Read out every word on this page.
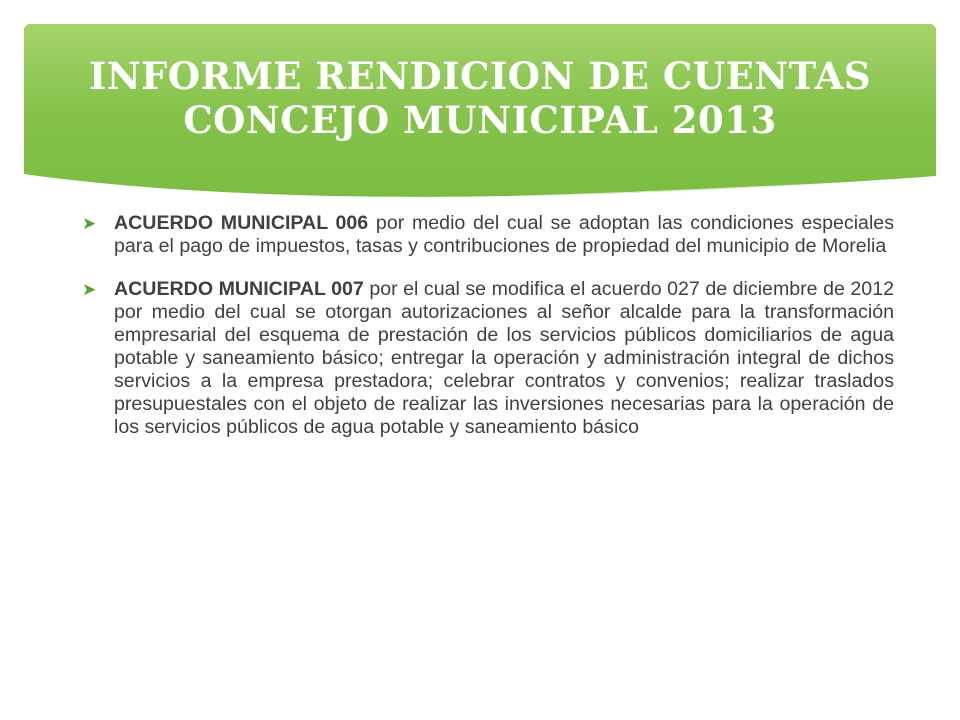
INFORME RENDICION DE CUENTAS
CONCEJO MUNICIPAL 2013
➤ ACUERDO MUNICIPAL 006 por medio del cual se adoptan las condiciones especiales para el pago de impuestos, tasas y contribuciones de propiedad del municipio de Morelia
➤ ACUERDO MUNICIPAL 007 por el cual se modifica el acuerdo 027 de diciembre de 2012 por medio del cual se otorgan autorizaciones al señor alcalde para la transformación empresarial del esquema de prestación de los servicios públicos domiciliarios de agua potable y saneamiento básico; entregar la operación y administración integral de dichos servicios a la empresa prestadora; celebrar contratos y convenios; realizar traslados presupuestales con el objeto de realizar las inversiones necesarias para la operación de los servicios públicos de agua potable y saneamiento básico
